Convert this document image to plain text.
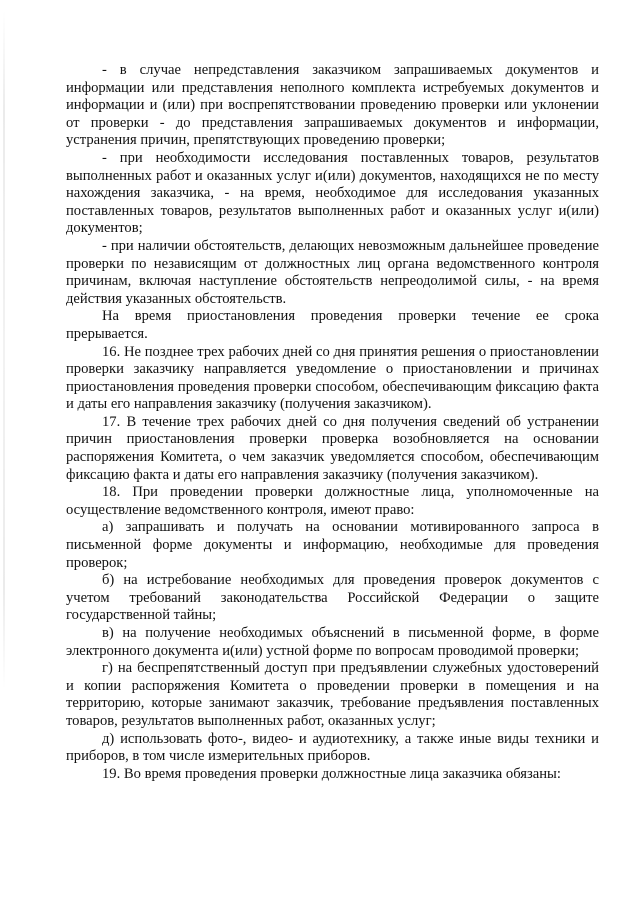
- в случае непредставления заказчиком запрашиваемых документов и информации или представления неполного комплекта истребуемых документов и информации и (или) при воспрепятствовании проведению проверки или уклонении от проверки - до представления запрашиваемых документов и информации, устранения причин, препятствующих проведению проверки;

- при необходимости исследования поставленных товаров, результатов выполненных работ и оказанных услуг и(или) документов, находящихся не по месту нахождения заказчика, - на время, необходимое для исследования указанных поставленных товаров, результатов выполненных работ и оказанных услуг и(или) документов;

- при наличии обстоятельств, делающих невозможным дальнейшее проведение проверки по независящим от должностных лиц органа ведомственного контроля причинам, включая наступление обстоятельств непреодолимой силы, - на время действия указанных обстоятельств.

На время приостановления проведения проверки течение ее срока прерывается.

16. Не позднее трех рабочих дней со дня принятия решения о приостановлении проверки заказчику направляется уведомление о приостановлении и причинах приостановления проведения проверки способом, обеспечивающим фиксацию факта и даты его направления заказчику (получения заказчиком).

17. В течение трех рабочих дней со дня получения сведений об устранении причин приостановления проверки проверка возобновляется на основании распоряжения Комитета, о чем заказчик уведомляется способом, обеспечивающим фиксацию факта и даты его направления заказчику (получения заказчиком).

18. При проведении проверки должностные лица, уполномоченные на осуществление ведомственного контроля, имеют право:

а) запрашивать и получать на основании мотивированного запроса в письменной форме документы и информацию, необходимые для проведения проверок;

б) на истребование необходимых для проведения проверок документов с учетом требований законодательства Российской Федерации о защите государственной тайны;

в) на получение необходимых объяснений в письменной форме, в форме электронного документа и(или) устной форме по вопросам проводимой проверки;

г) на беспрепятственный доступ при предъявлении служебных удостоверений и копии распоряжения Комитета о проведении проверки в помещения и на территорию, которые занимают заказчик, требование предъявления поставленных товаров, результатов выполненных работ, оказанных услуг;

д) использовать фото-, видео- и аудиотехнику, а также иные виды техники и приборов, в том числе измерительных приборов.

19. Во время проведения проверки должностные лица заказчика обязаны:
